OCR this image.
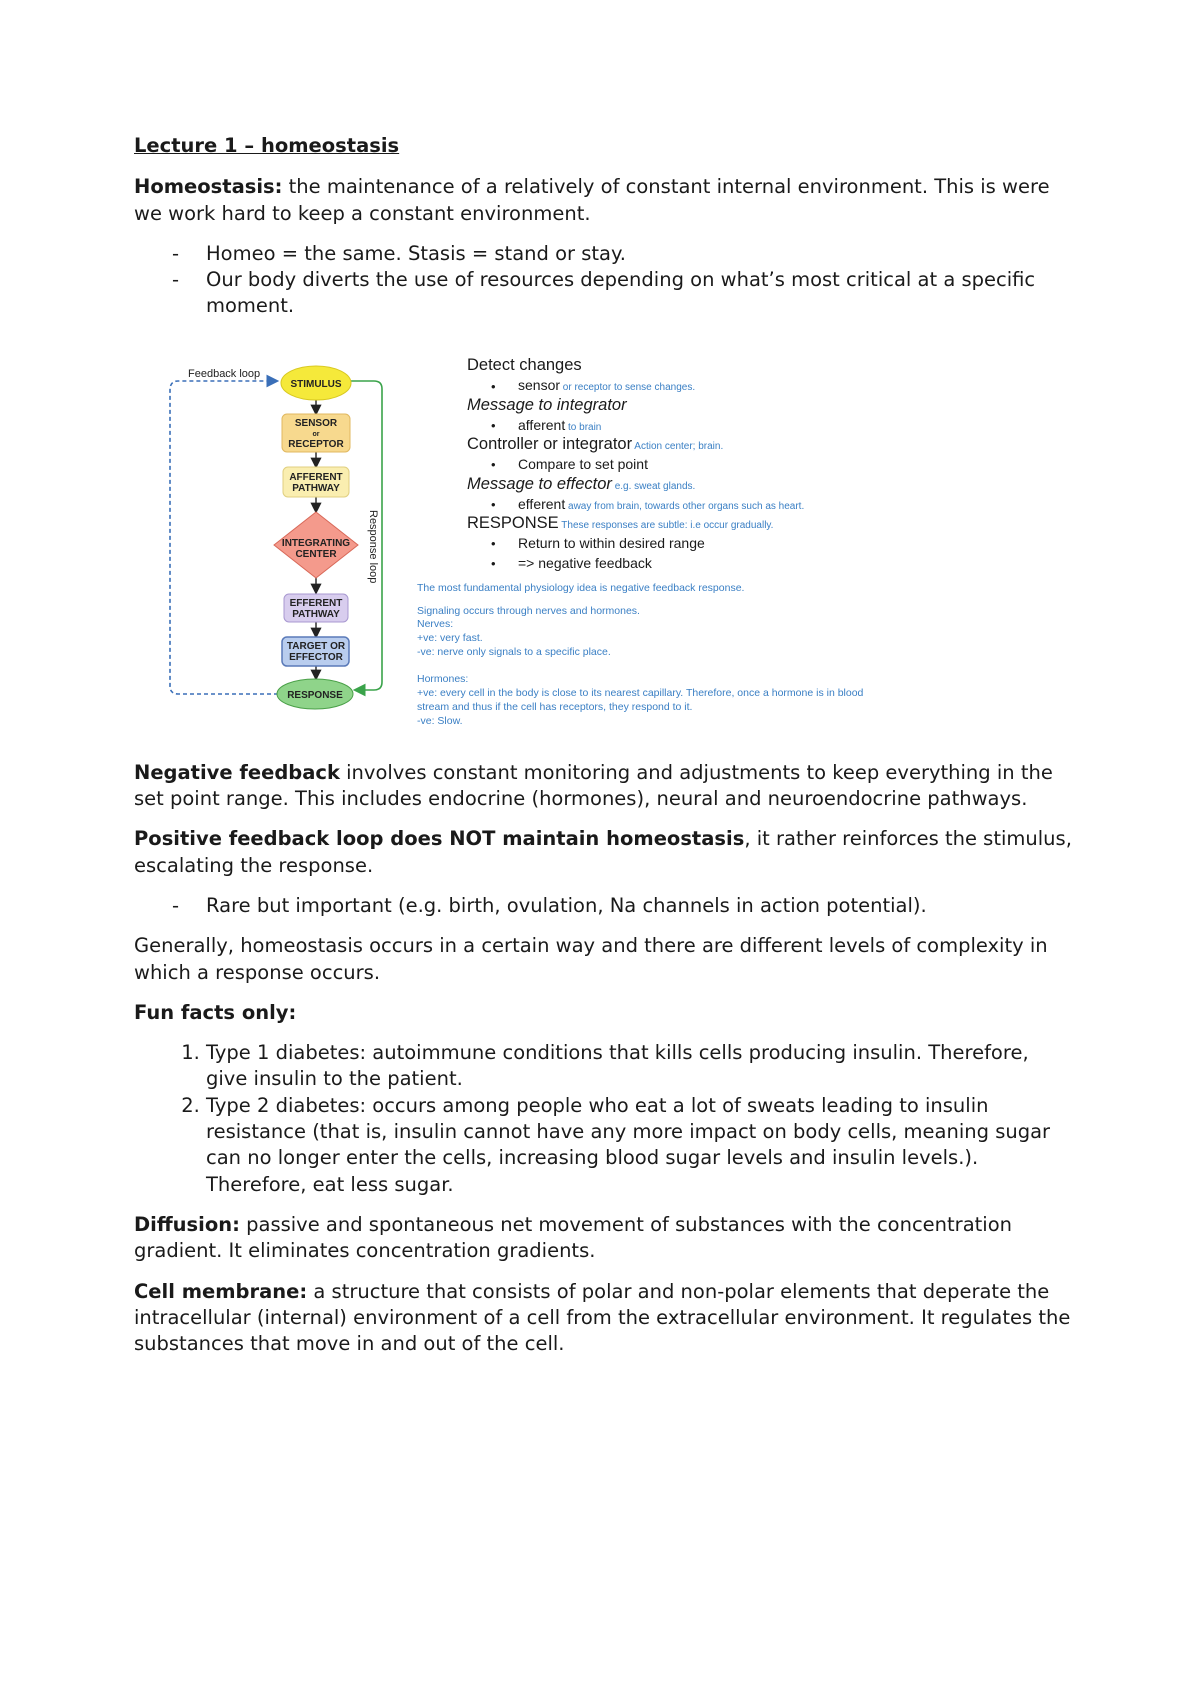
Lecture 1 – homeostasis

Homeostasis: the maintenance of a relatively of constant internal environment. This is were we work hard to keep a constant environment.

- Homeo = the same. Stasis = stand or stay.
- Our body diverts the use of resources depending on what’s most critical at a specific moment.
Feedback loop
Response loop
STIMULUS
SENSOR
or
RECEPTOR
AFFERENT
PATHWAY
INTEGRATING
CENTER
EFFERENT
PATHWAY
TARGET OR
EFFECTOR
RESPONSE
Detect changes
• sensor or receptor to sense changes.
Message to integrator
• afferent to brain
Controller or integrator Action center; brain.
• Compare to set point
Message to effector e.g. sweat glands.
• efferent away from brain, towards other organs such as heart.
RESPONSE These responses are subtle: i.e occur gradually.
• Return to within desired range
• => negative feedback
The most fundamental physiology idea is negative feedback response.
Signaling occurs through nerves and hormones.
Nerves:
+ve: very fast.
-ve: nerve only signals to a specific place.
Hormones:
+ve: every cell in the body is close to its nearest capillary. Therefore, once a hormone is in blood
stream and thus if the cell has receptors, they respond to it.
-ve: Slow.

Negative feedback involves constant monitoring and adjustments to keep everything in the set point range. This includes endocrine (hormones), neural and neuroendocrine pathways.

Positive feedback loop does NOT maintain homeostasis, it rather reinforces the stimulus, escalating the response.

- Rare but important (e.g. birth, ovulation, Na channels in action potential).

Generally, homeostasis occurs in a certain way and there are different levels of complexity in which a response occurs.

Fun facts only:

1. Type 1 diabetes: autoimmune conditions that kills cells producing insulin. Therefore, give insulin to the patient.
2. Type 2 diabetes: occurs among people who eat a lot of sweats leading to insulin resistance (that is, insulin cannot have any more impact on body cells, meaning sugar can no longer enter the cells, increasing blood sugar levels and insulin levels.). Therefore, eat less sugar.

Diffusion: passive and spontaneous net movement of substances with the concentration gradient. It eliminates concentration gradients.

Cell membrane: a structure that consists of polar and non-polar elements that deperate the intracellular (internal) environment of a cell from the extracellular environment. It regulates the substances that move in and out of the cell.
